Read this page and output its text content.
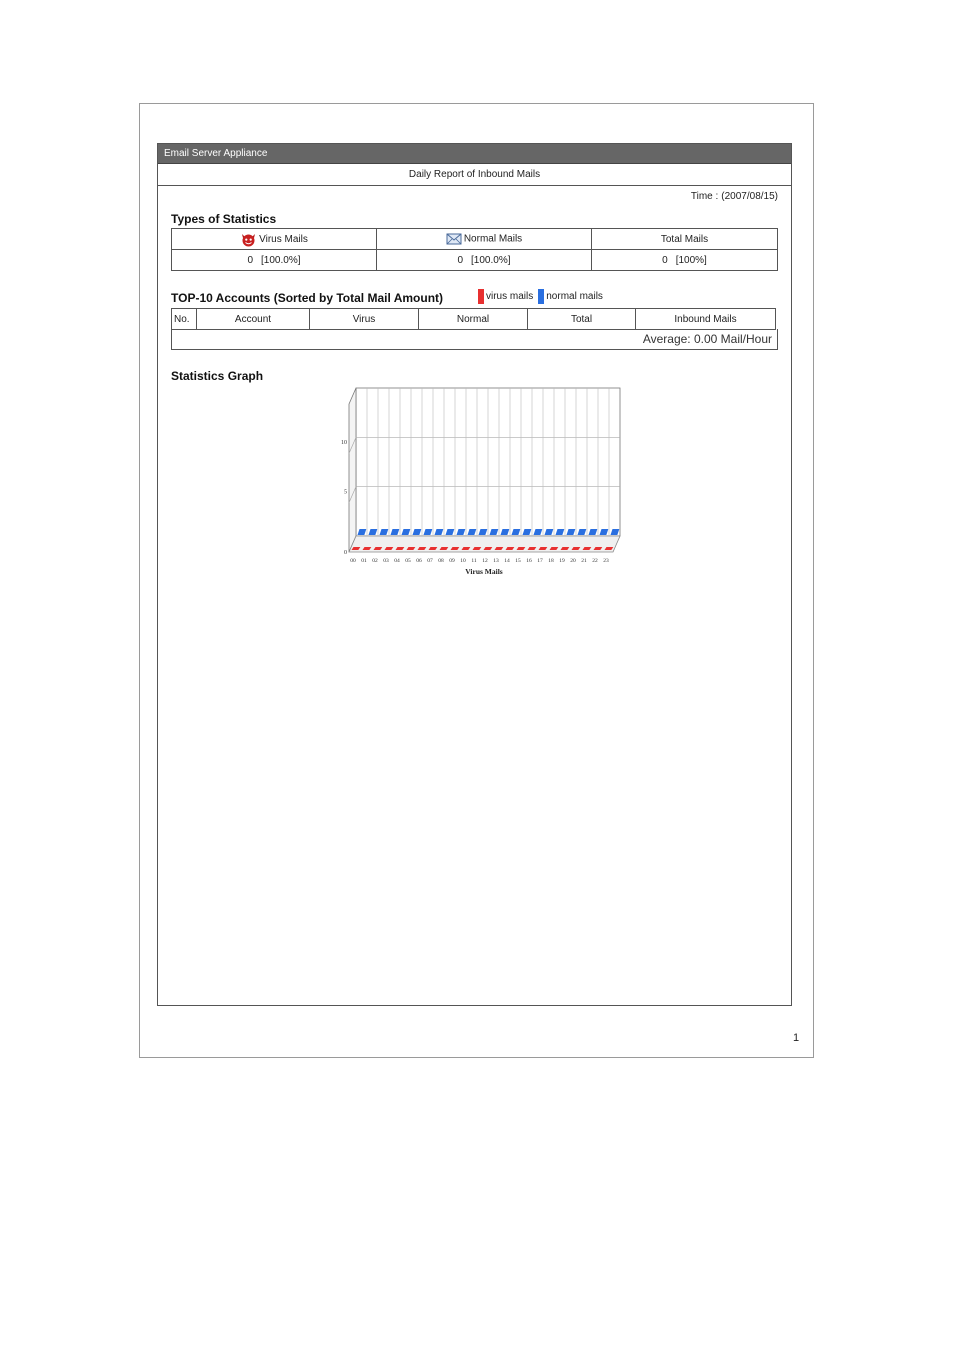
Email Server Appliance
Daily Report of Inbound Mails
Time : (2007/08/15)
Types of Statistics
Virus Mails	Normal Mails	Total Mails
0 [100.0%]	0 [100.0%]	0 [100%]
TOP-10 Accounts (Sorted by Total Mail Amount)	virus mails normal mails
No.	Account	Virus	Normal	Total	Inbound Mails
Average: 0.00 Mail/Hour
Statistics Graph
0
5
10
00 01 02 03 04 05 06 07 08 09 10 11 12 13 14 15 16 17 18 19 20 21 22 23
Virus Mails
1
